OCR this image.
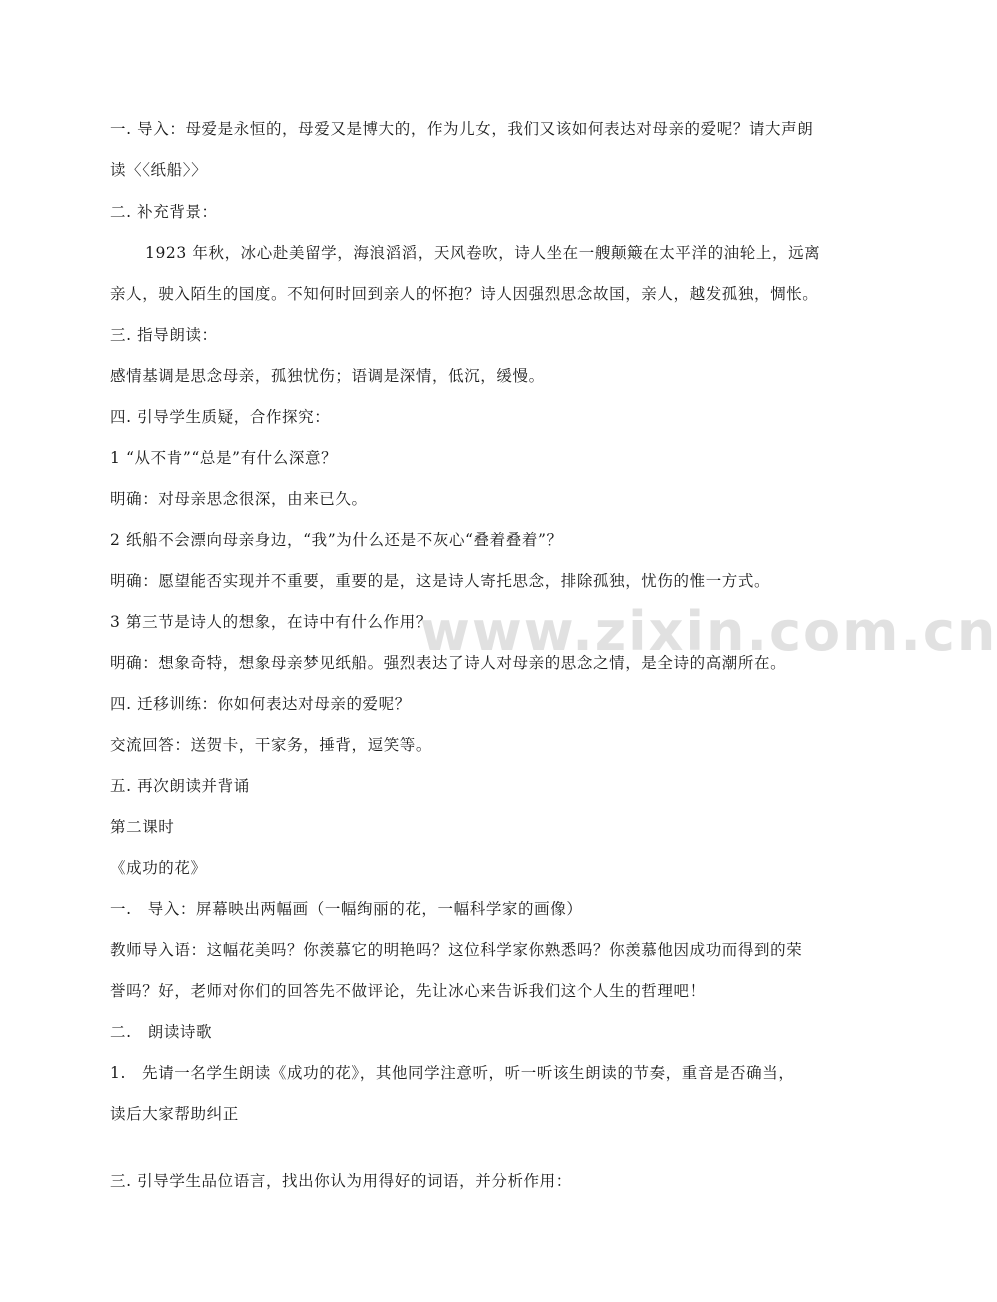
www.zixin.com.cn
一. 导入：母爱是永恒的，母爱又是博大的，作为儿女，我们又该如何表达对母亲的爱呢？请大声朗
读〈〈纸船〉〉
二. 补充背景：
1923 年秋，冰心赴美留学，海浪滔滔，天风卷吹，诗人坐在一艘颠簸在太平洋的油轮上，远离
亲人，驶入陌生的国度。不知何时回到亲人的怀抱？诗人因强烈思念故国，亲人，越发孤独，惆怅。
三. 指导朗读：
感情基调是思念母亲，孤独忧伤；语调是深情，低沉，缓慢。
四. 引导学生质疑，合作探究：
1 “从不肯”“总是”有什么深意？
明确：对母亲思念很深，由来已久。
2 纸船不会漂向母亲身边，“我”为什么还是不灰心“叠着叠着”？
明确：愿望能否实现并不重要，重要的是，这是诗人寄托思念，排除孤独，忧伤的惟一方式。
3 第三节是诗人的想象，在诗中有什么作用？
明确：想象奇特，想象母亲梦见纸船。强烈表达了诗人对母亲的思念之情，是全诗的高潮所在。
四. 迁移训练：你如何表达对母亲的爱呢？
交流回答：送贺卡，干家务，捶背，逗笑等。
五. 再次朗读并背诵
第二课时
《成功的花》
一.　导入：屏幕映出两幅画（一幅绚丽的花，一幅科学家的画像）
教师导入语：这幅花美吗？你羡慕它的明艳吗？这位科学家你熟悉吗？你羡慕他因成功而得到的荣
誉吗？好，老师对你们的回答先不做评论，先让冰心来告诉我们这个人生的哲理吧！
二.　朗读诗歌
1.　先请一名学生朗读《成功的花》，其他同学注意听，听一听该生朗读的节奏，重音是否确当，
读后大家帮助纠正
三. 引导学生品位语言，找出你认为用得好的词语，并分析作用：
